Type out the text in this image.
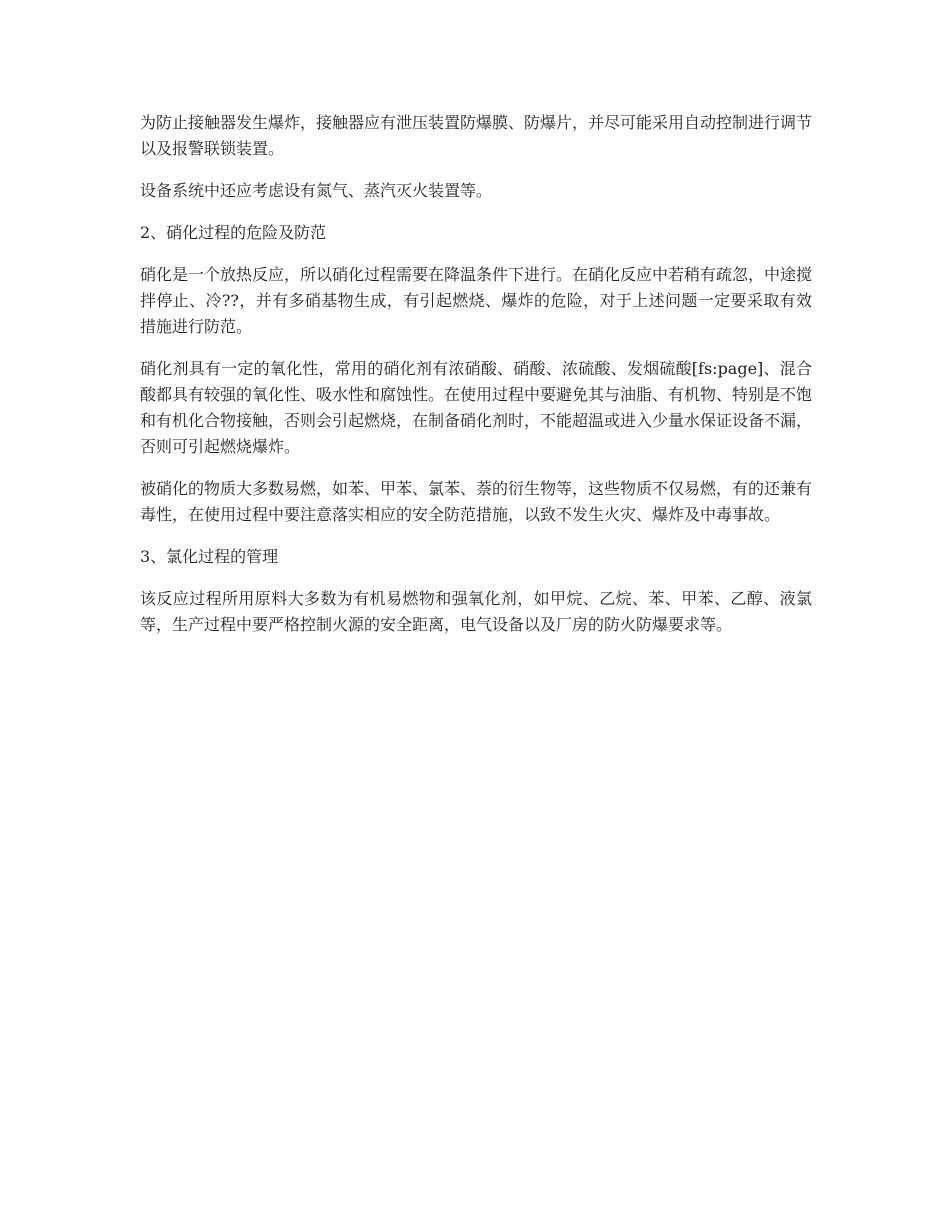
为防止接触器发生爆炸，接触器应有泄压装置防爆膜、防爆片，并尽可能采用自动控制进行调节以及报警联锁装置。

设备系统中还应考虑设有氮气、蒸汽灭火装置等。

2、硝化过程的危险及防范

硝化是一个放热反应，所以硝化过程需要在降温条件下进行。在硝化反应中若稍有疏忽，中途搅拌停止、冷??，并有多硝基物生成，有引起燃烧、爆炸的危险，对于上述问题一定要采取有效措施进行防范。

硝化剂具有一定的氧化性，常用的硝化剂有浓硝酸、硝酸、浓硫酸、发烟硫酸[fs:page]、混合酸都具有较强的氧化性、吸水性和腐蚀性。在使用过程中要避免其与油脂、有机物、特别是不饱和有机化合物接触，否则会引起燃烧，在制备硝化剂时，不能超温或进入少量水保证设备不漏，否则可引起燃烧爆炸。

被硝化的物质大多数易燃，如苯、甲苯、氯苯、萘的衍生物等，这些物质不仅易燃，有的还兼有毒性，在使用过程中要注意落实相应的安全防范措施，以致不发生火灾、爆炸及中毒事故。

3、氯化过程的管理

该反应过程所用原料大多数为有机易燃物和强氧化剂，如甲烷、乙烷、苯、甲苯、乙醇、液氯等，生产过程中要严格控制火源的安全距离，电气设备以及厂房的防火防爆要求等。
